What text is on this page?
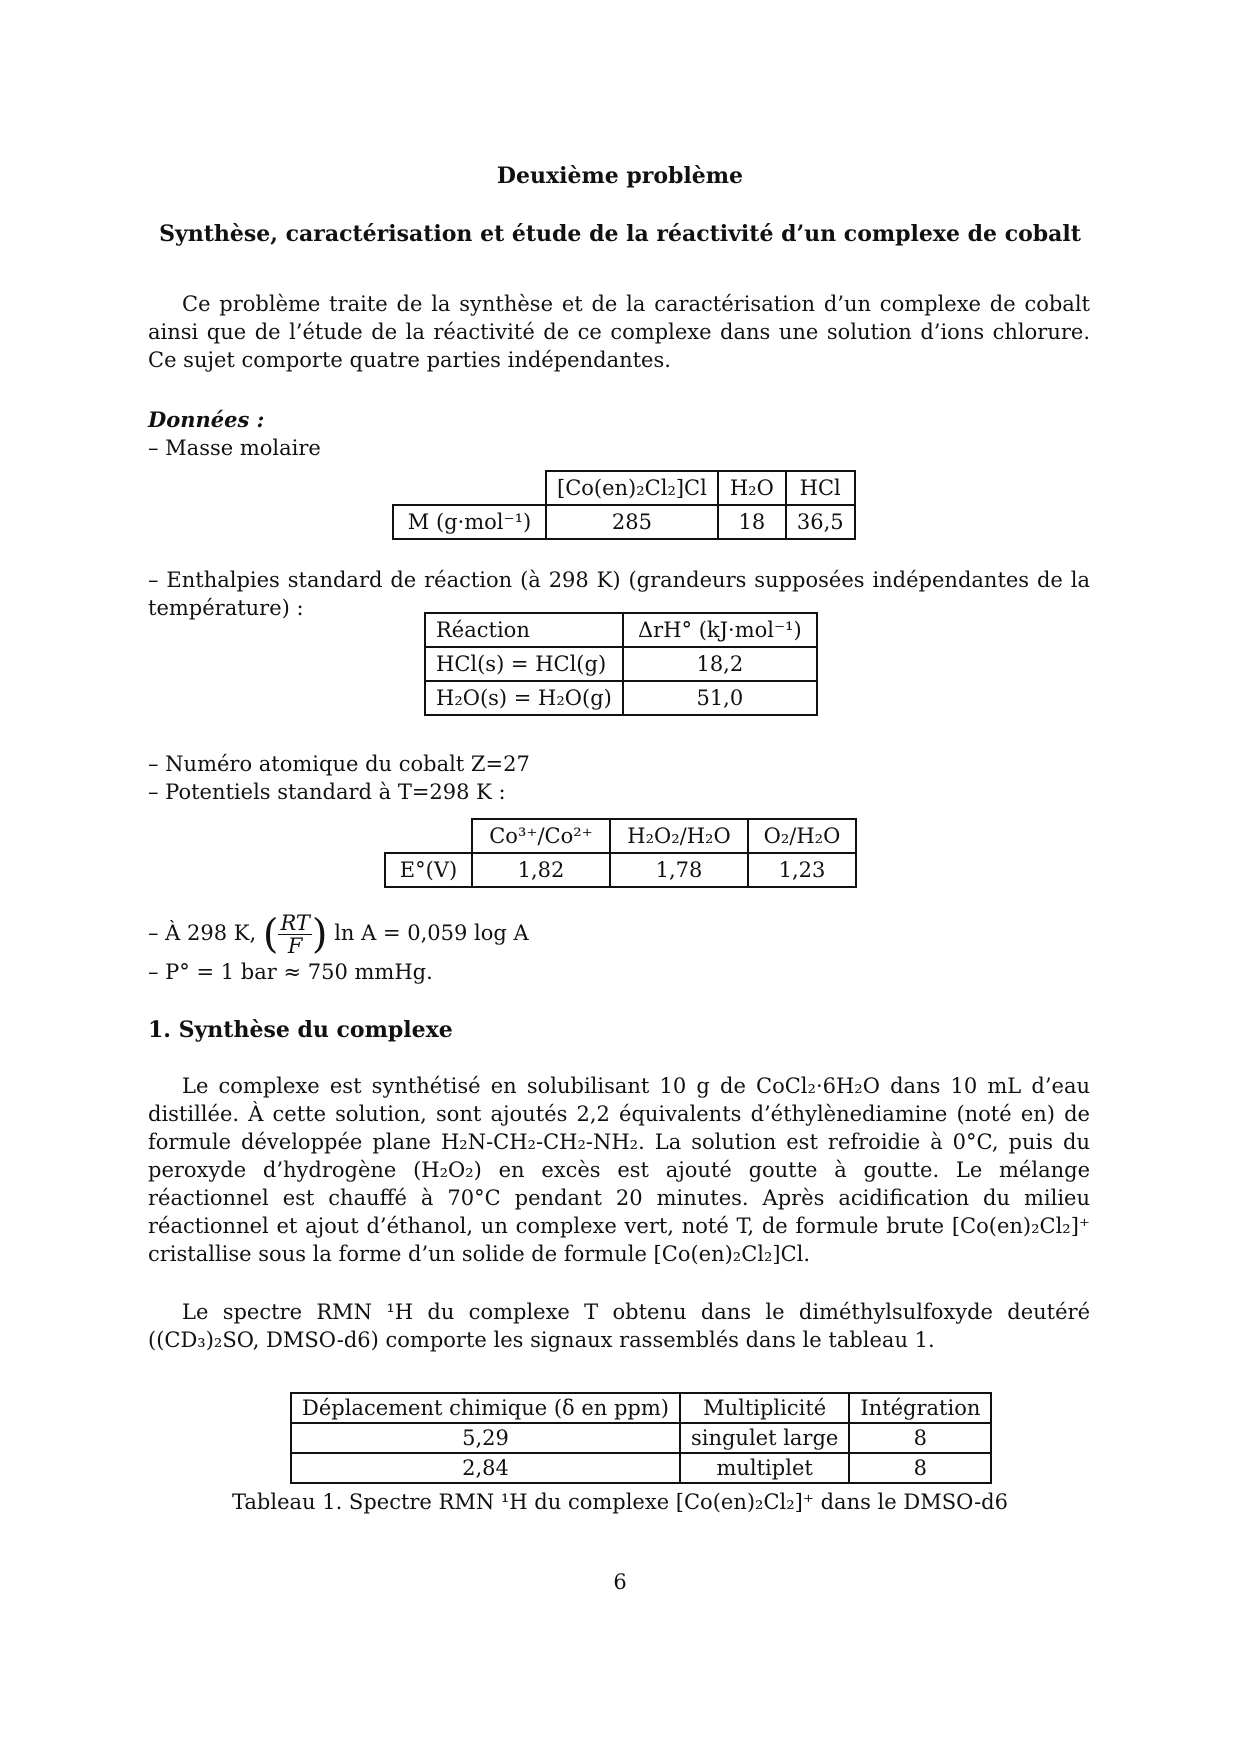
Deuxième problème
Synthèse, caractérisation et étude de la réactivité d’un complexe de cobalt
Ce problème traite de la synthèse et de la caractérisation d’un complexe de cobalt ainsi que de l’étude de la réactivité de ce complexe dans une solution d’ions chlorure. Ce sujet comporte quatre parties indépendantes.
Données :
– Masse molaire
	[Co(en)₂Cl₂]Cl	H₂O	HCl
M (g·mol⁻¹)	285	18	36,5
– Enthalpies standard de réaction (à 298 K) (grandeurs supposées indépendantes de la température) :
Réaction	ΔrH° (kJ·mol⁻¹)
HCl(s) = HCl(g)	18,2
H₂O(s) = H₂O(g)	51,0
– Numéro atomique du cobalt Z=27
– Potentiels standard à T=298 K :
	Co³⁺/Co²⁺	H₂O₂/H₂O	O₂/H₂O
E°(V)	1,82	1,78	1,23
– À 298 K, ( $\frac{RT}{F}$ ) ln A = 0,059 log A
– P° = 1 bar ≈ 750 mmHg.
1. Synthèse du complexe
Le complexe est synthétisé en solubilisant 10 g de CoCl₂·6H₂O dans 10 mL d’eau distillée. À cette solution, sont ajoutés 2,2 équivalents d’éthylènediamine (noté en) de formule développée plane H₂N-CH₂-CH₂-NH₂. La solution est refroidie à 0°C, puis du peroxyde d’hydrogène (H₂O₂) en excès est ajouté goutte à goutte. Le mélange réactionnel est chauffé à 70°C pendant 20 minutes. Après acidification du milieu réactionnel et ajout d’éthanol, un complexe vert, noté T, de formule brute [Co(en)₂Cl₂]⁺ cristallise sous la forme d’un solide de formule [Co(en)₂Cl₂]Cl.
Le spectre RMN ¹H du complexe T obtenu dans le diméthylsulfoxyde deutéré ((CD₃)₂SO, DMSO-d6) comporte les signaux rassemblés dans le tableau 1.
Déplacement chimique (δ en ppm)	Multiplicité	Intégration
5,29	singulet large	8
2,84	multiplet	8
Tableau 1. Spectre RMN ¹H du complexe [Co(en)₂Cl₂]⁺ dans le DMSO-d6
6
